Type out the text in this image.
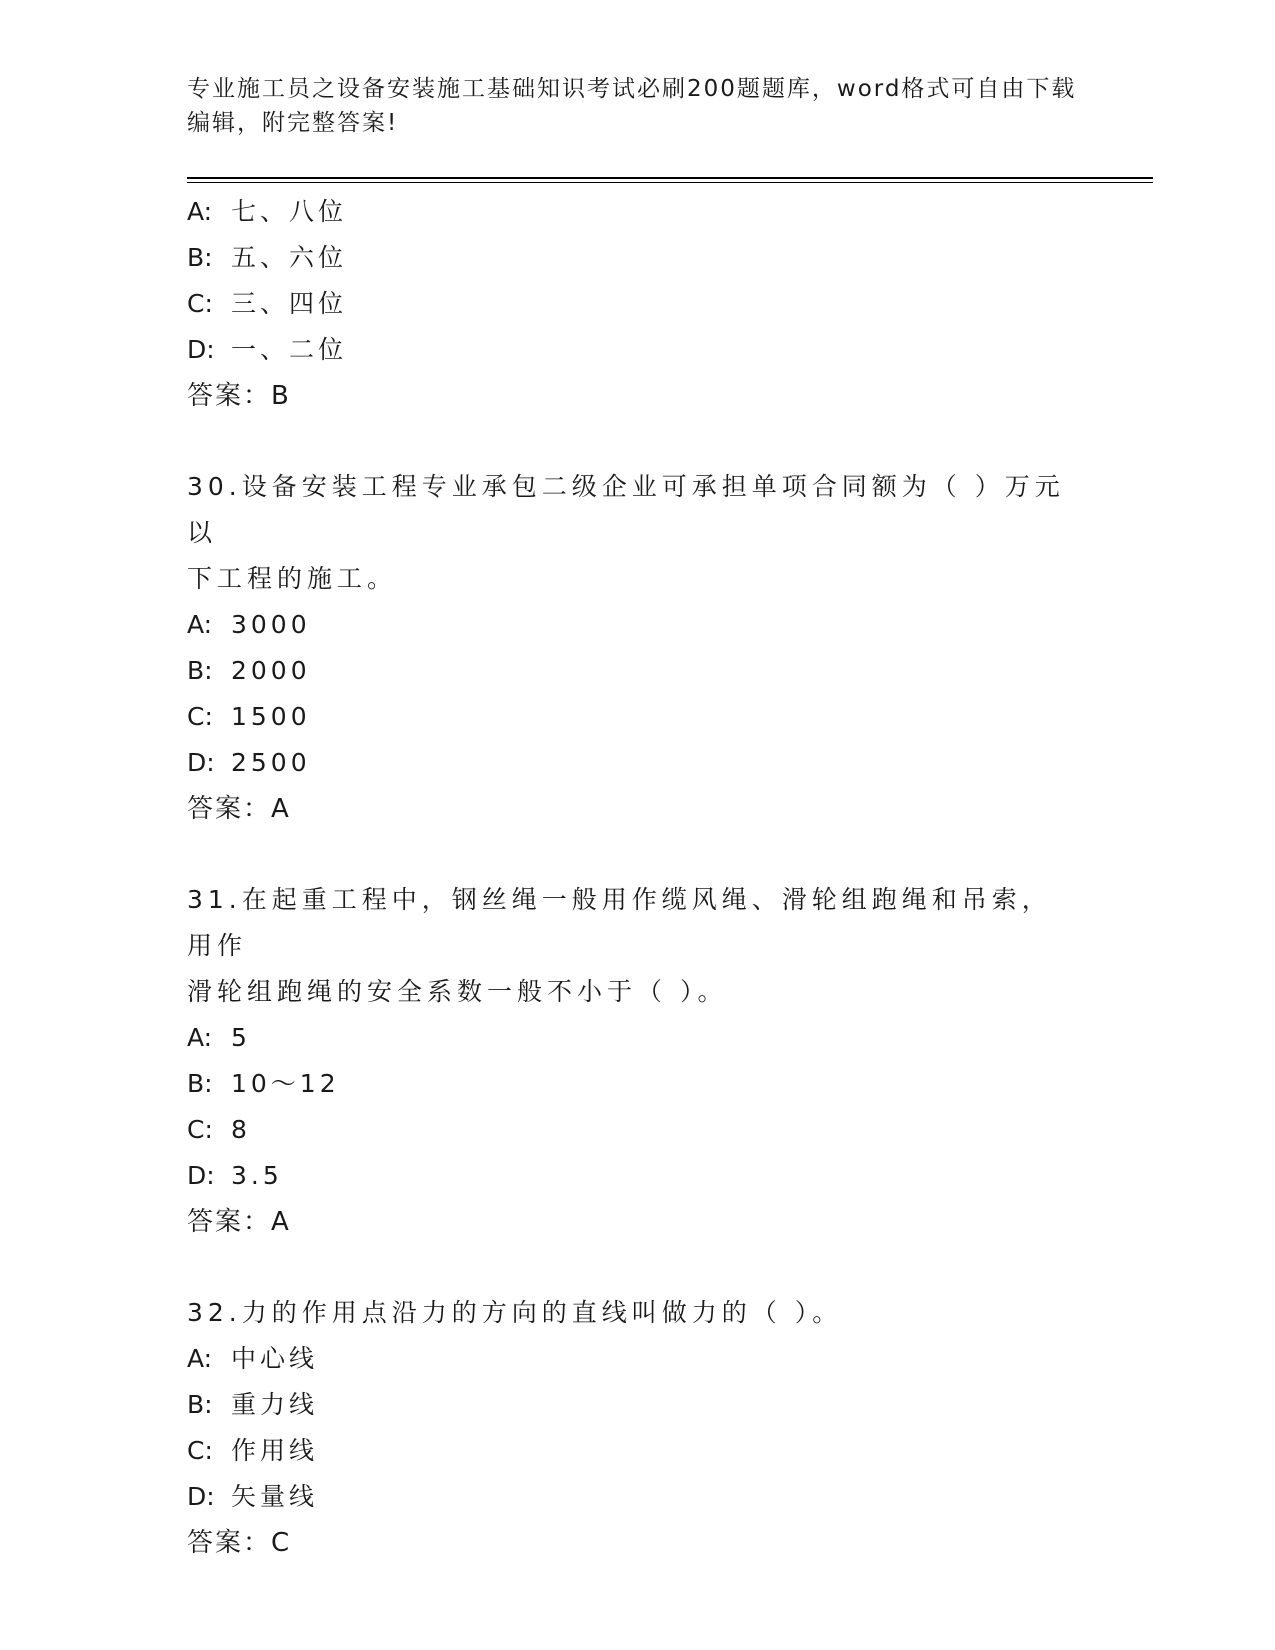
专业施工员之设备安装施工基础知识考试必刷200题题库，word格式可自由下载
编辑，附完整答案!
A: 七、八位
B: 五、六位
C: 三、四位
D: 一、二位
答案：B
30.设备安装工程专业承包二级企业可承担单项合同额为（ ）万元以
下工程的施工。
A: 3000
B: 2000
C: 1500
D: 2500
答案：A
31.在起重工程中，钢丝绳一般用作缆风绳、滑轮组跑绳和吊索，用作
滑轮组跑绳的安全系数一般不小于（ ）。
A: 5
B: 10～12
C: 8
D: 3.5
答案：A
32.力的作用点沿力的方向的直线叫做力的（ ）。
A: 中心线
B: 重力线
C: 作用线
D: 矢量线
答案：C
